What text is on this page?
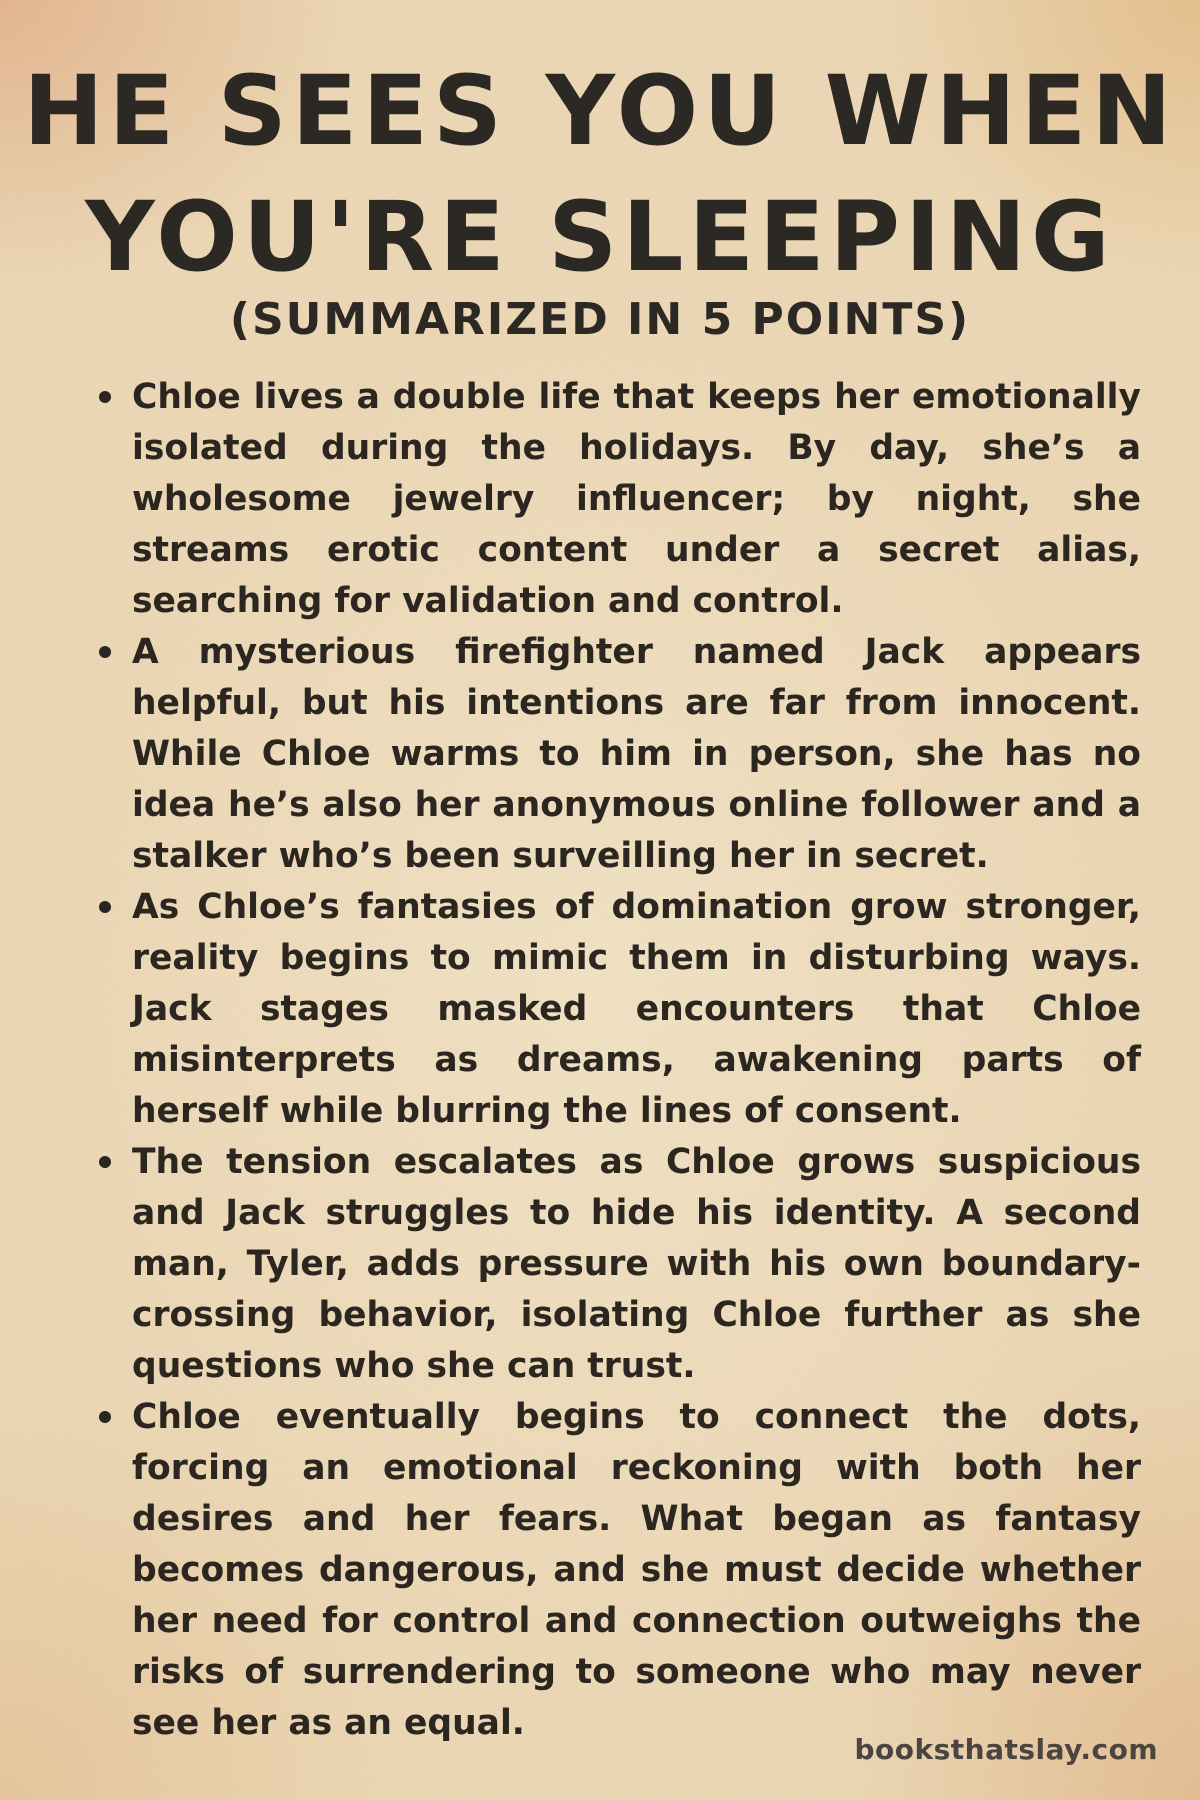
HE SEES YOU WHEN
YOU'RE SLEEPING
(SUMMARIZED IN 5 POINTS)
Chloe lives a double life that keeps her emotionally isolated during the holidays. By day, she’s a wholesome jewelry influencer; by night, she streams erotic content under a secret alias, searching for validation and control.
A mysterious firefighter named Jack appears helpful, but his intentions are far from innocent. While Chloe warms to him in person, she has no idea he’s also her anonymous online follower and a stalker who’s been surveilling her in secret.
As Chloe’s fantasies of domination grow stronger, reality begins to mimic them in disturbing ways. Jack stages masked encounters that Chloe misinterprets as dreams, awakening parts of herself while blurring the lines of consent.
The tension escalates as Chloe grows suspicious and Jack struggles to hide his identity. A second man, Tyler, adds pressure with his own boundary-crossing behavior, isolating Chloe further as she questions who she can trust.
Chloe eventually begins to connect the dots, forcing an emotional reckoning with both her desires and her fears. What began as fantasy becomes dangerous, and she must decide whether her need for control and connection outweighs the risks of surrendering to someone who may never see her as an equal.
booksthatslay.com
